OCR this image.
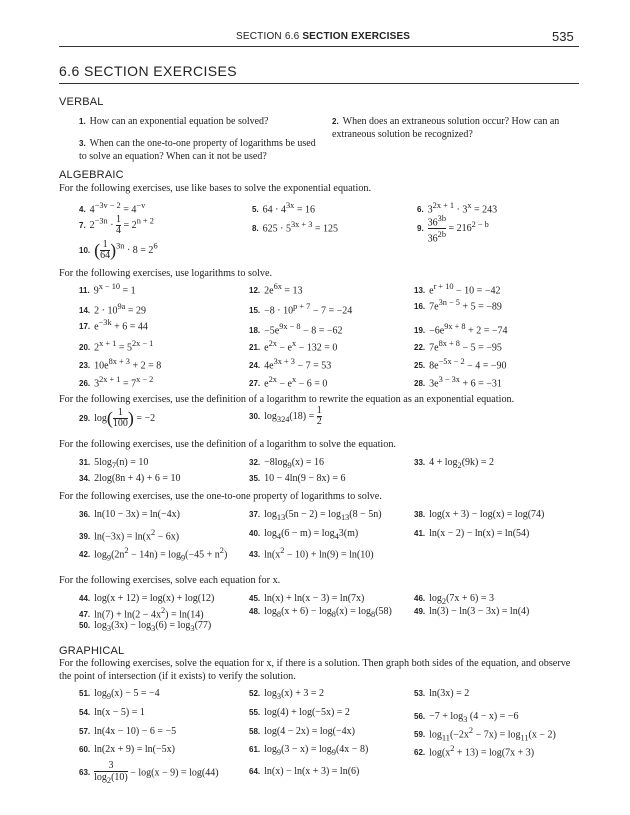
SECTION 6.6 SECTION EXERCISES	535
6.6 SECTION EXERCISES
VERBAL
1. How can an exponential equation be solved?	2. When does an extraneous solution occur? How can an extraneous solution be recognized?
3. When can the one-to-one property of logarithms be used to solve an equation? When can it not be used?
ALGEBRAIC
For the following exercises, use like bases to solve the exponential equation.
4. $4^{-3v - 2} = 4^{-v}$	5. $64 \cdot 4^{3x} = 16$	6. $3^{2x + 1} \cdot 3^x = 243$
7. $2^{-3n} \cdot \frac{1}{4} = 2^{n + 2}$
8. $625 \cdot 5^{3x + 3} = 125$	9. $\frac{36^{3b}}{36^{2b}} = 216^{2 - b}$
10. ( $\frac{1}{64} )^{3n} \cdot 8 = 2^6$
For the following exercises, use logarithms to solve.
11. $9^{x - 10} = 1$	12. $2e^{6x} = 13$	13. $e^{r + 10} - 10 = -42$
14. $2 \cdot 10^{9a} = 29$	15. $-8 \cdot 10^{p + 7} - 7 = -24$	16. $7e^{3n - 5} + 5 = -89$
17. $e^{-3k} + 6 = 44$	18. $-5e^{9x - 8} - 8 = -62$	19. $-6e^{9x + 8} + 2 = -74$
20. $2^{x + 1} = 5^{2x - 1}$	21. $e^{2x} - e^x - 132 = 0$	22. $7e^{8x + 8} - 5 = -95$
23. $10e^{8x + 3} + 2 = 8$	24. $4e^{3x + 3} - 7 = 53$	25. $8e^{-5x - 2} - 4 = -90$
26. $3^{2x + 1} = 7^{x - 2}$	27. $e^{2x} - e^x - 6 = 0$	28. $3e^{3 - 3x} + 6 = -31$
For the following exercises, use the definition of a logarithm to rewrite the equation as an exponential equation.
29. $\log( \frac{1}{100}$ ) = −2	30. $\log_{324}(18) = \frac{1}{2}$
For the following exercises, use the definition of a logarithm to solve the equation.
31. $5\log_7(n) = 10$	32. $-8\log_9(x) = 16$	33. $4 + \log_2(9k) = 2$
34. 2log(8n + 4) + 6 = 10	35. 10 − 4ln(9 − 8x) = 6
For the following exercises, use the one-to-one property of logarithms to solve.
36. ln(10 − 3x) = ln(−4x)	37. $\log_{13}(5n - 2) = \log_{13}(8 - 5n)$	38. log(x + 3) − log(x) = log(74)
39. $\ln(-3x) = \ln(x^2 - 6x)$	40. $\log_4(6 - m) = \log_43(m)$	41. ln(x − 2) − ln(x) = ln(54)
42. $\log_9(2n^2 - 14n) = \log_9(-45 + n^2)$	43. $\ln(x^2 - 10) + \ln(9) = \ln(10)$
For the following exercises, solve each equation for x.
44. log(x + 12) = log(x) + log(12)	45. ln(x) + ln(x − 3) = ln(7x)	46. $\log_2(7x + 6) = 3$
47. $\ln(7) + \ln(2 - 4x^2) = \ln(14)$	48. $\log_8(x + 6) - \log_8(x) = \log_8(58)$	49. ln(3) − ln(3 − 3x) = ln(4)
50. $\log_3(3x) - \log_3(6) = \log_3(77)$
GRAPHICAL
For the following exercises, solve the equation for x, if there is a solution. Then graph both sides of the equation, and observe the point of intersection (if it exists) to verify the solution.
51. $\log_9(x) - 5 = -4$	52. $\log_3(x) + 3 = 2$	53. ln(3x) = 2
54. ln(x − 5) = 1	55. log(4) + log(−5x) = 2	56. $-7 + \log_3 (4 - x) = -6$
57. ln(4x − 10) − 6 = −5	58. log(4 − 2x) = log(−4x)	59. $\log_{11}(-2x^2 - 7x) = \log_{11}(x - 2)$
60. ln(2x + 9) = ln(−5x)	61. $\log_9(3 - x) = \log_9(4x - 8)$	62. $\log(x^2 + 13) = \log(7x + 3)$
63. $\frac{3}{\log_2(10)} - \log(x - 9) = \log(44)$	64. ln(x) − ln(x + 3) = ln(6)
